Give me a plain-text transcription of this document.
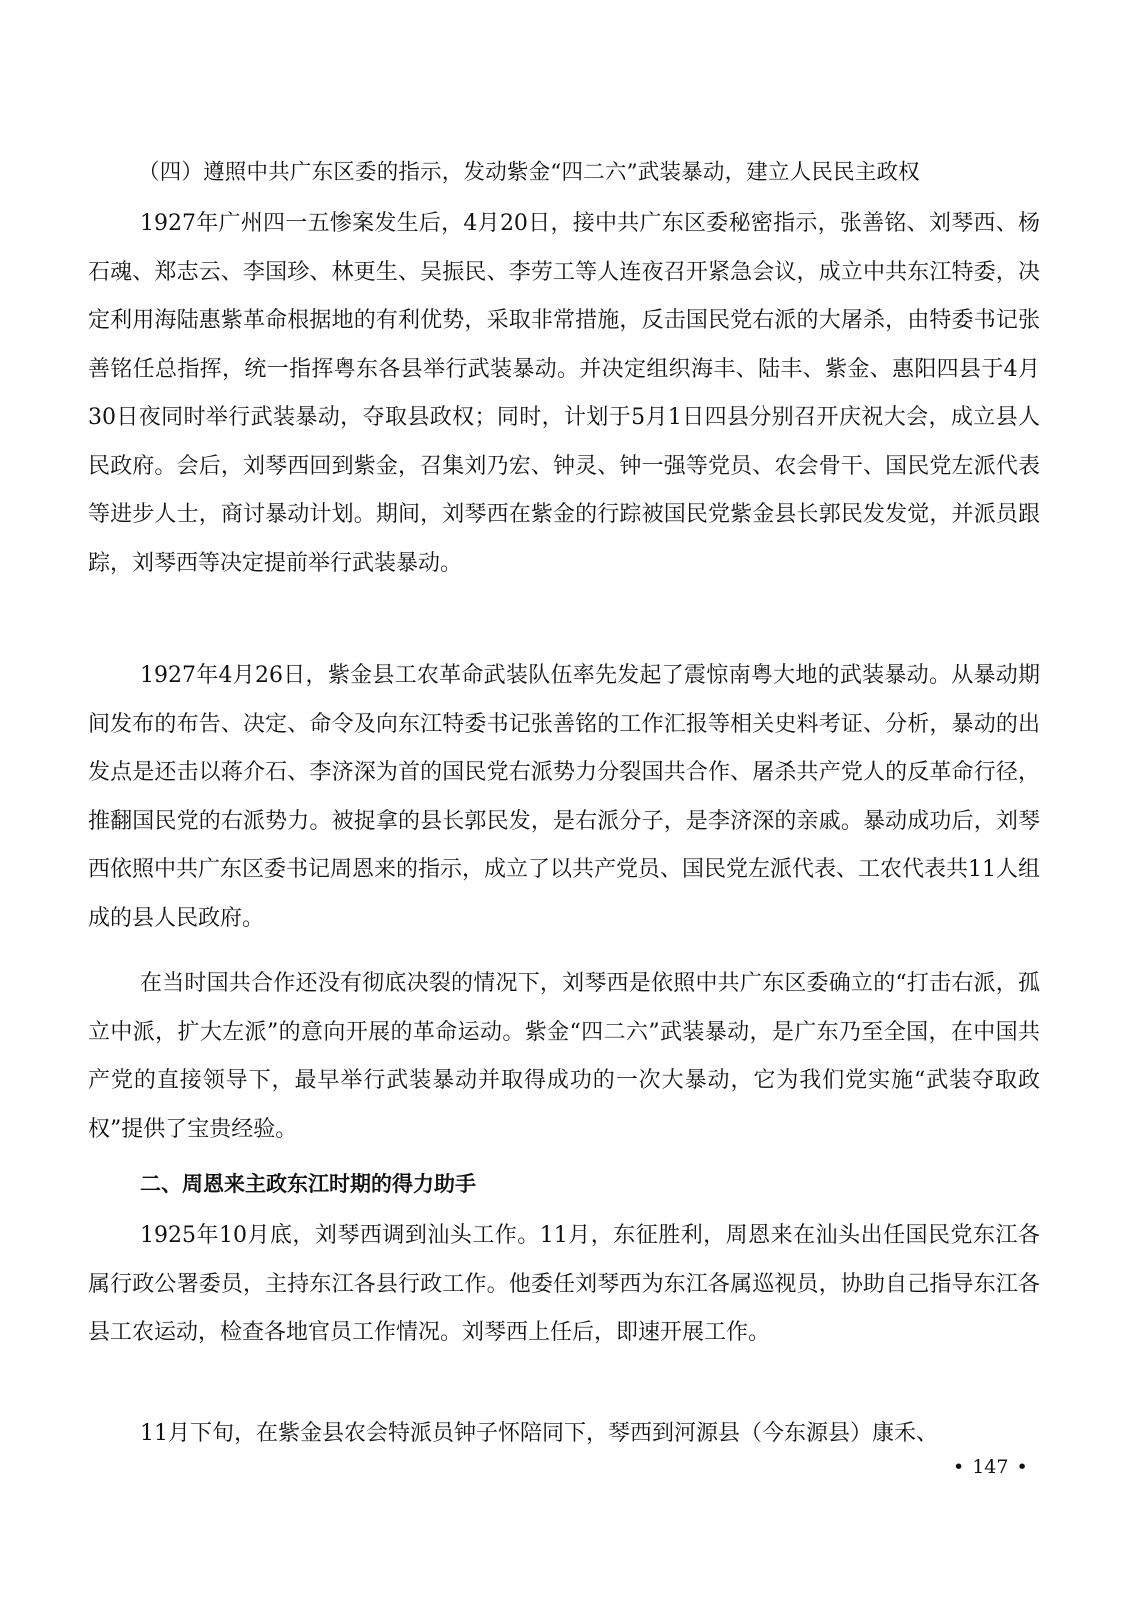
（四）遵照中共广东区委的指示，发动紫金“四二六”武装暴动，建立人民民主政权

1927年广州四一五惨案发生后，4月20日，接中共广东区委秘密指示，张善铭、刘琴西、杨石魂、郑志云、李国珍、林更生、吴振民、李劳工等人连夜召开紧急会议，成立中共东江特委，决定利用海陆惠紫革命根据地的有利优势，采取非常措施，反击国民党右派的大屠杀，由特委书记张善铭任总指挥，统一指挥粤东各县举行武装暴动。并决定组织海丰、陆丰、紫金、惠阳四县于4月30日夜同时举行武装暴动，夺取县政权；同时，计划于5月1日四县分别召开庆祝大会，成立县人民政府。会后，刘琴西回到紫金，召集刘乃宏、钟灵、钟一强等党员、农会骨干、国民党左派代表等进步人士，商讨暴动计划。期间，刘琴西在紫金的行踪被国民党紫金县长郭民发发觉，并派员跟踪，刘琴西等决定提前举行武装暴动。

1927年4月26日，紫金县工农革命武装队伍率先发起了震惊南粤大地的武装暴动。从暴动期间发布的布告、决定、命令及向东江特委书记张善铭的工作汇报等相关史料考证、分析，暴动的出发点是还击以蒋介石、李济深为首的国民党右派势力分裂国共合作、屠杀共产党人的反革命行径，推翻国民党的右派势力。被捉拿的县长郭民发，是右派分子，是李济深的亲戚。暴动成功后，刘琴西依照中共广东区委书记周恩来的指示，成立了以共产党员、国民党左派代表、工农代表共11人组成的县人民政府。

在当时国共合作还没有彻底决裂的情况下，刘琴西是依照中共广东区委确立的“打击右派，孤立中派，扩大左派”的意向开展的革命运动。紫金“四二六”武装暴动，是广东乃至全国，在中国共产党的直接领导下，最早举行武装暴动并取得成功的一次大暴动，它为我们党实施“武装夺取政权”提供了宝贵经验。

二、周恩来主政东江时期的得力助手

1925年10月底，刘琴西调到汕头工作。11月，东征胜利，周恩来在汕头出任国民党东江各属行政公署委员，主持东江各县行政工作。他委任刘琴西为东江各属巡视员，协助自己指导东江各县工农运动，检查各地官员工作情况。刘琴西上任后，即速开展工作。

11月下旬，在紫金县农会特派员钟子怀陪同下，琴西到河源县（今东源县）康禾、

• 147 •
